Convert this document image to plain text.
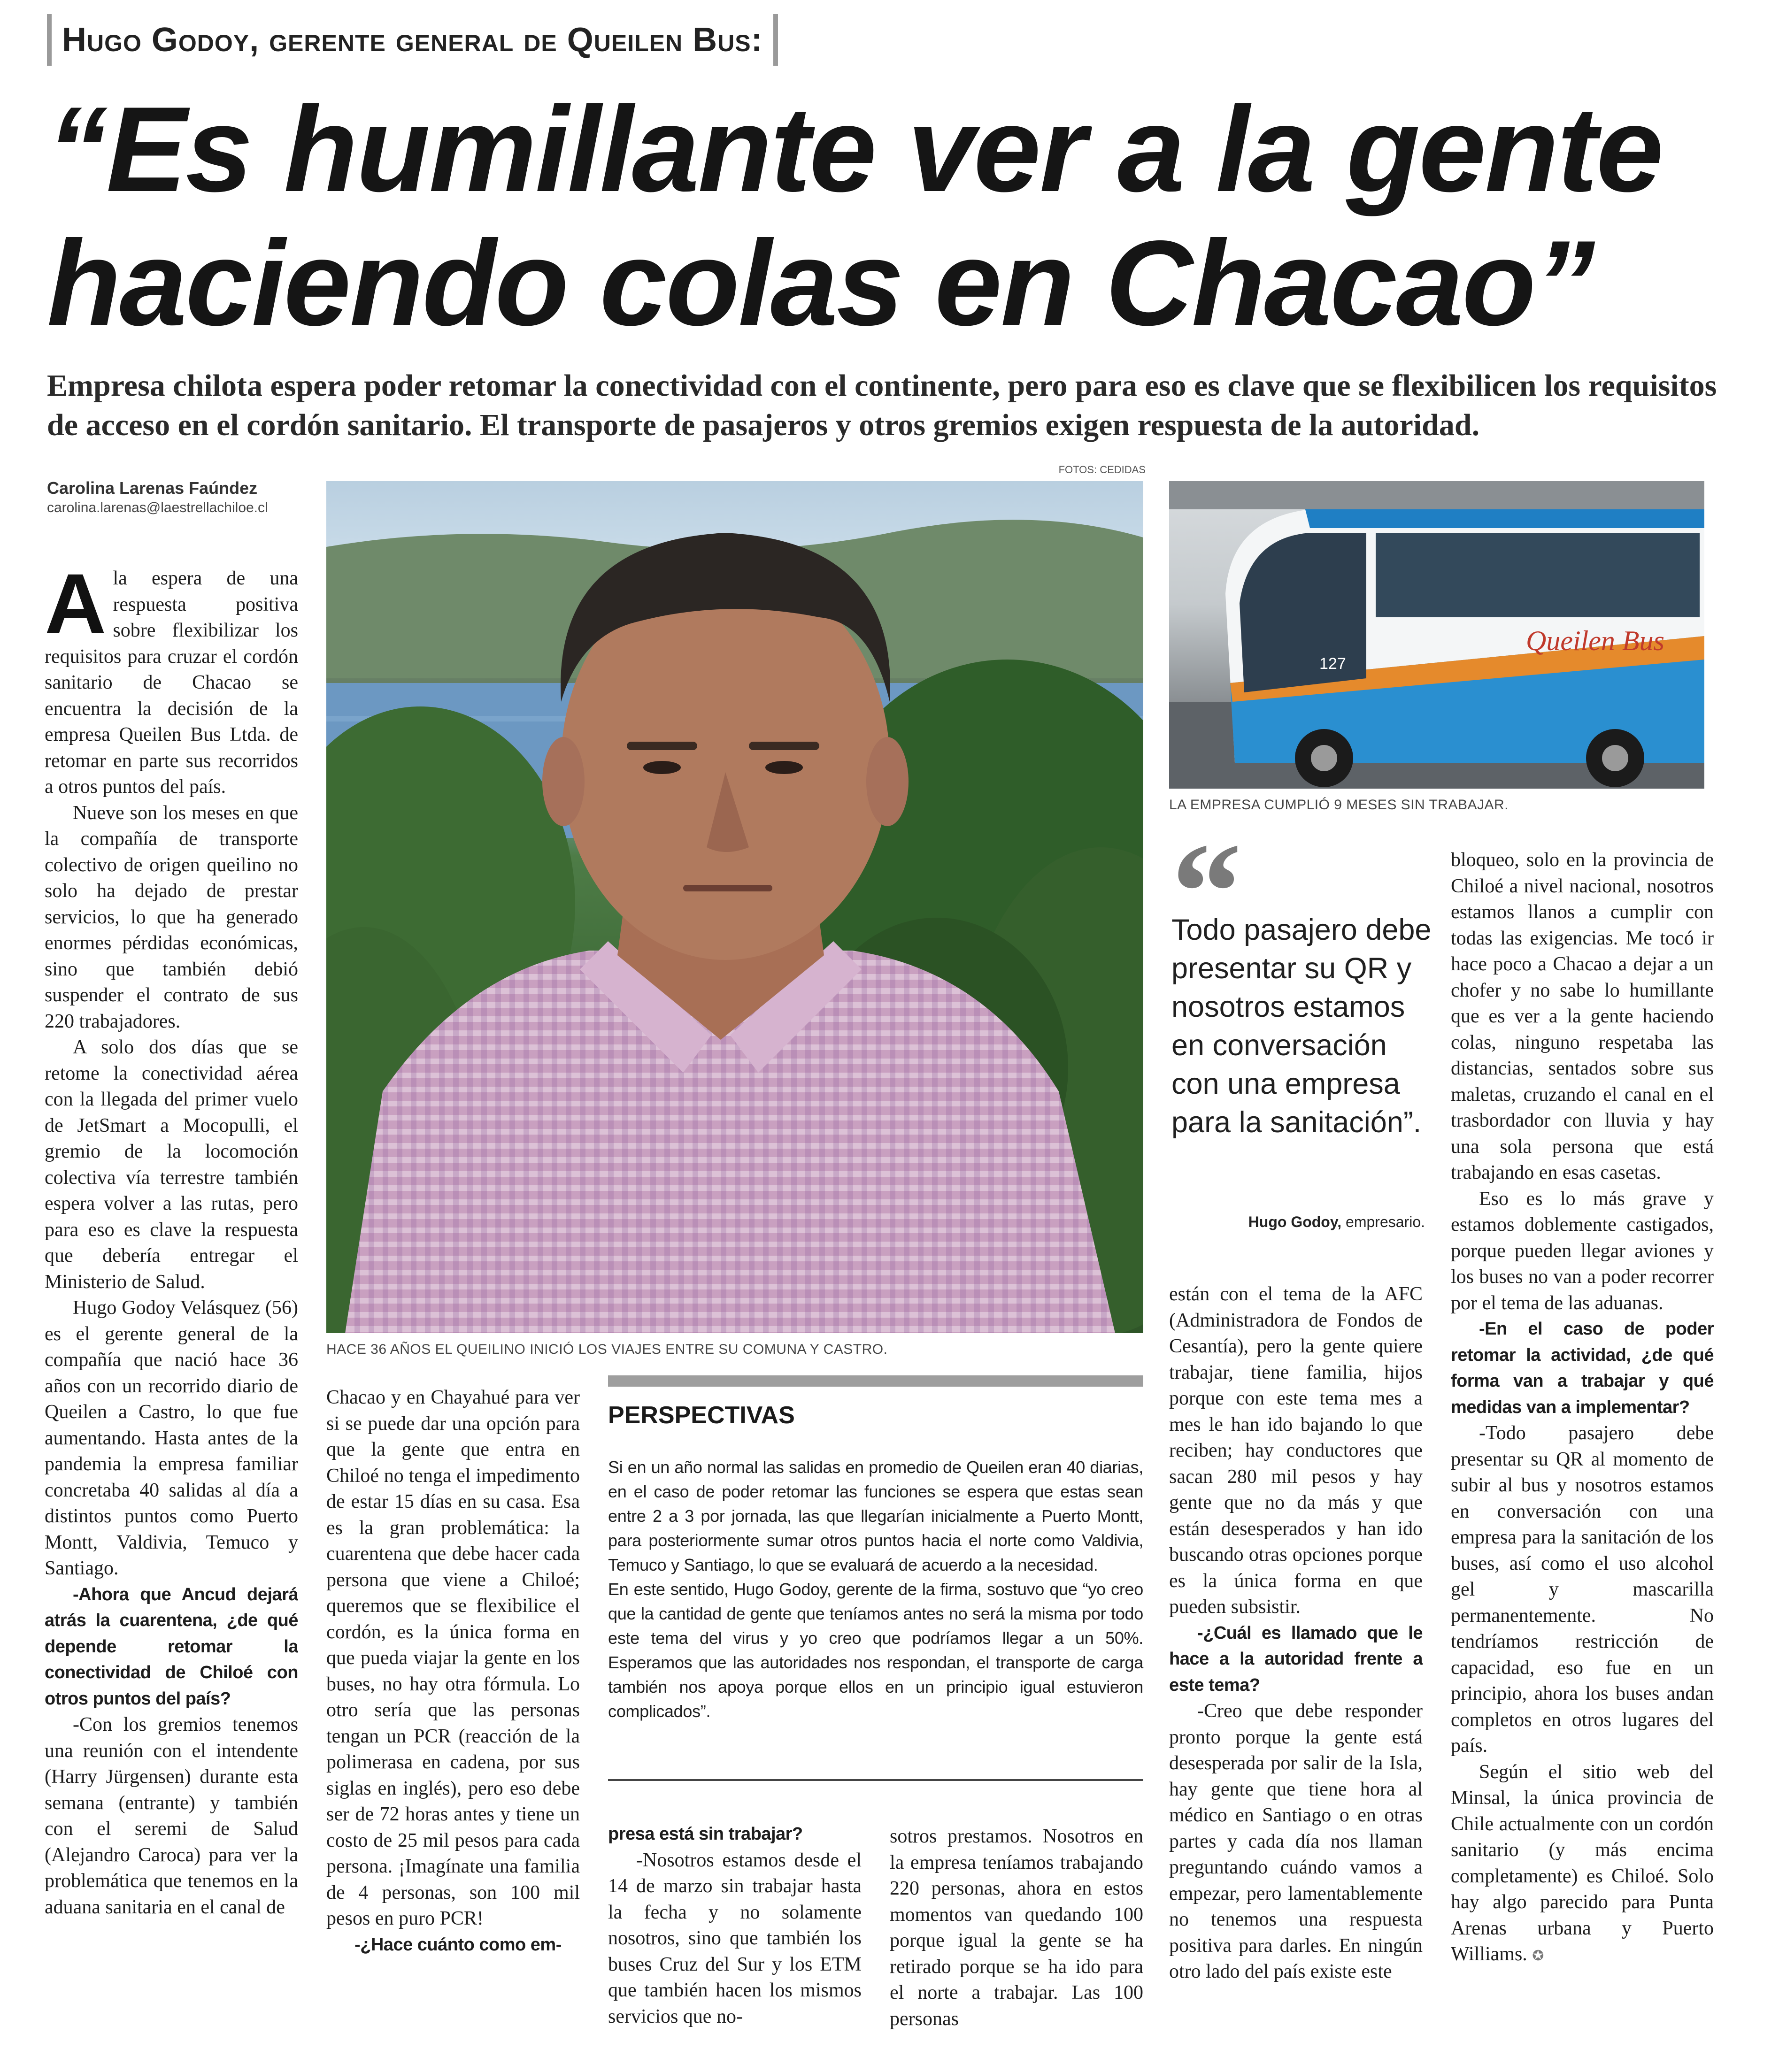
Hugo Godoy, gerente general de Queilen Bus:
“Es humillante ver a la gente haciendo colas en Chacao”
Empresa chilota espera poder retomar la conectividad con el continente, pero para eso es clave que se flexibilicen los requisitos de acceso en el cordón sanitario. El transporte de pasajeros y otros gremios exigen respuesta de la autoridad.
Carolina Larenas Faúndez
carolina.larenas@laestrellachiloe.cl
FOTOS: CEDIDAS
HACE 36 AÑOS EL QUEILINO INICIÓ LOS VIAJES ENTRE SU COMUNA Y CASTRO.
Queilen Bus
127
LA EMPRESA CUMPLIÓ 9 MESES SIN TRABAJAR.
“
Todo pasajero debe presentar su QR y nosotros estamos en conversación con una empresa para la sanitación”.
Hugo Godoy, empresario.

Ala espera de una respuesta positiva sobre flexibilizar los requisitos para cruzar el cordón sanitario de Chacao se encuentra la decisión de la empresa Queilen Bus Ltda. de retomar en parte sus recorridos a otros puntos del país.

Nueve son los meses en que la compañía de transporte colectivo de origen queilino no solo ha dejado de prestar servicios, lo que ha generado enormes pérdidas económicas, sino que también debió suspender el contrato de sus 220 trabajadores.

A solo dos días que se retome la conectividad aérea con la llegada del primer vuelo de JetSmart a Mocopulli, el gremio de la locomoción colectiva vía terrestre también espera volver a las rutas, pero para eso es clave la respuesta que debería entregar el Ministerio de Salud.

Hugo Godoy Velásquez (56) es el gerente general de la compañía que nació hace 36 años con un recorrido diario de Queilen a Castro, lo que fue aumentando. Hasta antes de la pandemia la empresa familiar concretaba 40 salidas al día a distintos puntos como Puerto Montt, Valdivia, Temuco y Santiago.

-Ahora que Ancud dejará atrás la cuarentena, ¿de qué depende retomar la conectividad de Chiloé con otros puntos del país?

-Con los gremios tenemos una reunión con el intendente (Harry Jürgensen) durante esta semana (entrante) y también con el seremi de Salud (Alejandro Caroca) para ver la problemática que tenemos en la aduana sanitaria en el canal de

Chacao y en Chayahué para ver si se puede dar una opción para que la gente que entra en Chiloé no tenga el impedimento de estar 15 días en su casa. Esa es la gran problemática: la cuarentena que debe hacer cada persona que viene a Chiloé; queremos que se flexibilice el cordón, es la única forma en que pueda viajar la gente en los buses, no hay otra fórmula. Lo otro sería que las personas tengan un PCR (reacción de la polimerasa en cadena, por sus siglas en inglés), pero eso debe ser de 72 horas antes y tiene un costo de 25 mil pesos para cada persona. ¡Imagínate una familia de 4 personas, son 100 mil pesos en puro PCR!

-¿Hace cuánto como em-

PERSPECTIVAS
Si en un año normal las salidas en promedio de Queilen eran 40 diarias, en el caso de poder retomar las funciones se espera que estas sean entre 2 a 3 por jornada, las que llegarían inicialmente a Puerto Montt, para posteriormente sumar otros puntos hacia el norte como Valdivia, Temuco y Santiago, lo que se evaluará de acuerdo a la necesidad.
En este sentido, Hugo Godoy, gerente de la firma, sostuvo que “yo creo que la cantidad de gente que teníamos antes no será la misma por todo este tema del virus y yo creo que podríamos llegar a un 50%. Esperamos que las autoridades nos respondan, el transporte de carga también nos apoya porque ellos en un principio igual estuvieron complicados”.

presa está sin trabajar?

-Nosotros estamos desde el 14 de marzo sin trabajar hasta la fecha y no solamente nosotros, sino que también los buses Cruz del Sur y los ETM que también hacen los mismos servicios que no-

sotros prestamos. Nosotros en la empresa teníamos trabajando 220 personas, ahora en estos momentos van quedando 100 porque igual la gente se ha retirado porque se ha ido para el norte a trabajar. Las 100 personas

están con el tema de la AFC (Administradora de Fondos de Cesantía), pero la gente quiere trabajar, tiene familia, hijos porque con este tema mes a mes le han ido bajando lo que reciben; hay conductores que sacan 280 mil pesos y hay gente que no da más y que están desesperados y han ido buscando otras opciones porque es la única forma en que pueden subsistir.

-¿Cuál es llamado que le hace a la autoridad frente a este tema?

-Creo que debe responder pronto porque la gente está desesperada por salir de la Isla, hay gente que tiene hora al médico en Santiago o en otras partes y cada día nos llaman preguntando cuándo vamos a empezar, pero lamentablemente no tenemos una respuesta positiva para darles. En ningún otro lado del país existe este

bloqueo, solo en la provincia de Chiloé a nivel nacional, nosotros estamos llanos a cumplir con todas las exigencias. Me tocó ir hace poco a Chacao a dejar a un chofer y no sabe lo humillante que es ver a la gente haciendo colas, ninguno respetaba las distancias, sentados sobre sus maletas, cruzando el canal en el trasbordador con lluvia y hay una sola persona que está trabajando en esas casetas.

Eso es lo más grave y estamos doblemente castigados, porque pueden llegar aviones y los buses no van a poder recorrer por el tema de las aduanas.

-En el caso de poder retomar la actividad, ¿de qué forma van a trabajar y qué medidas van a implementar?

-Todo pasajero debe presentar su QR al momento de subir al bus y nosotros estamos en conversación con una empresa para la sanitación de los buses, así como el uso alcohol gel y mascarilla permanentemente. No tendríamos restricción de capacidad, eso fue en un principio, ahora los buses andan completos en otros lugares del país.

Según el sitio web del Minsal, la única provincia de Chile actualmente con un cordón sanitario (y más encima completamente) es Chiloé. Solo hay algo parecido para Punta Arenas urbana y Puerto Williams. ✪
